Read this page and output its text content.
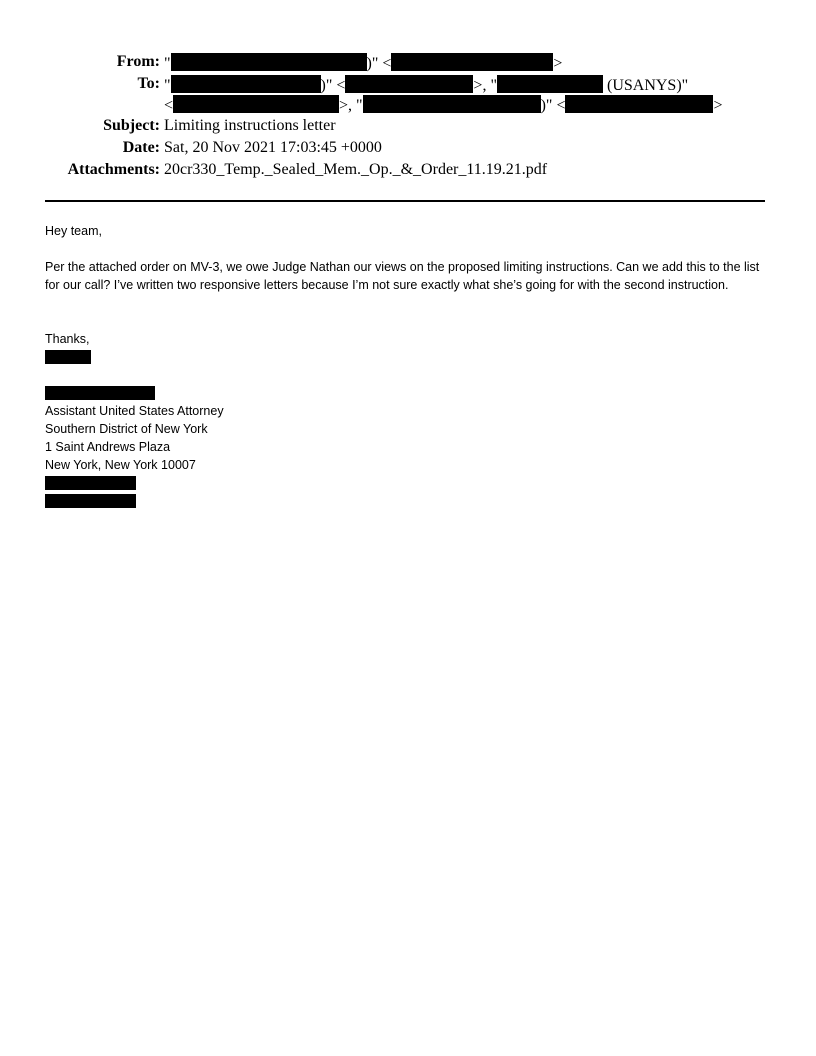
From: "	)" <	>
To: "	)" <	>, "	(USANYS)"
<	>, "	)" <	>
Subject: Limiting instructions letter
Date: Sat, 20 Nov 2021 17:03:45 +0000
Attachments: 20cr330_Temp._Sealed_Mem._Op._&_Order_11.19.21.pdf
Hey team,
Per the attached order on MV-3, we owe Judge Nathan our views on the proposed limiting instructions. Can we add this to the list for our call? I’ve written two responsive letters because I’m not sure exactly what she’s going for with the second instruction.
Thanks,
Assistant United States Attorney
Southern District of New York
1 Saint Andrews Plaza
New York, New York 10007
